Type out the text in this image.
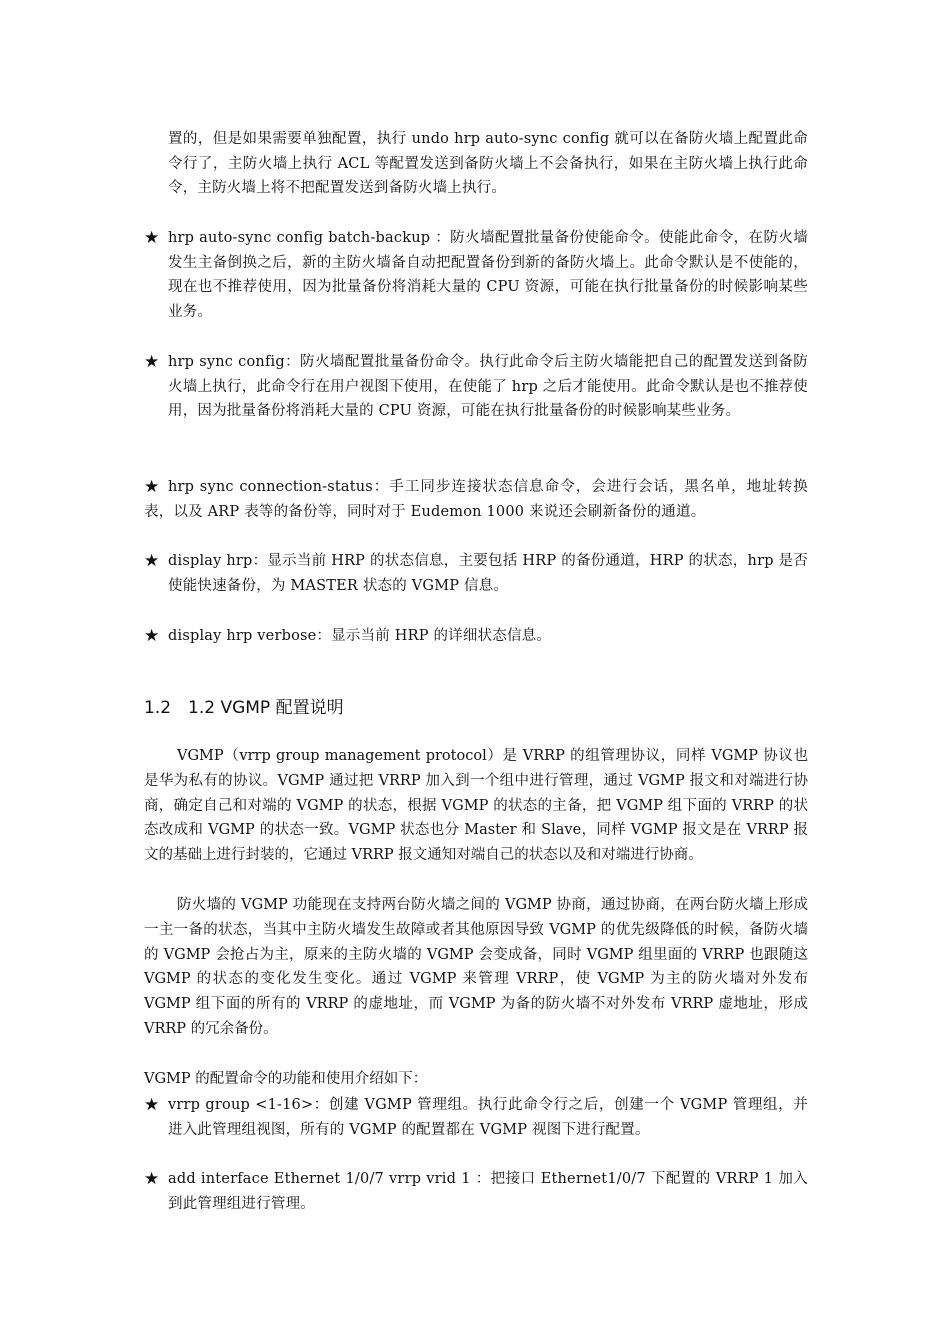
置的，但是如果需要单独配置，执行 undo hrp auto-sync config 就可以在备防火墙上配置此命令行了，主防火墙上执行 ACL 等配置发送到备防火墙上不会备执行，如果在主防火墙上执行此命令，主防火墙上将不把配置发送到备防火墙上执行。

★ hrp auto-sync config batch-backup ：防火墙配置批量备份使能命令。使能此命令，在防火墙发生主备倒换之后，新的主防火墙备自动把配置备份到新的备防火墙上。此命令默认是不使能的，现在也不推荐使用，因为批量备份将消耗大量的 CPU 资源，可能在执行批量备份的时候影响某些业务。

★ hrp sync config：防火墙配置批量备份命令。执行此命令后主防火墙能把自己的配置发送到备防火墙上执行，此命令行在用户视图下使用，在使能了 hrp 之后才能使用。此命令默认是也不推荐使用，因为批量备份将消耗大量的 CPU 资源，可能在执行批量备份的时候影响某些业务。

★ hrp sync connection-status：手工同步连接状态信息命令，会进行会话，黑名单，地址转换表，以及 ARP 表等的备份等，同时对于 Eudemon 1000 来说还会刷新备份的通道。

★ display hrp：显示当前 HRP 的状态信息，主要包括 HRP 的备份通道，HRP 的状态，hrp 是否使能快速备份，为 MASTER 状态的 VGMP 信息。

★ display hrp verbose：显示当前 HRP 的详细状态信息。

1.2 1.2 VGMP 配置说明

VGMP（vrrp group management protocol）是 VRRP 的组管理协议，同样 VGMP 协议也是华为私有的协议。VGMP 通过把 VRRP 加入到一个组中进行管理，通过 VGMP 报文和对端进行协商，确定自己和对端的 VGMP 的状态，根据 VGMP 的状态的主备，把 VGMP 组下面的 VRRP 的状态改成和 VGMP 的状态一致。VGMP 状态也分 Master 和 Slave，同样 VGMP 报文是在 VRRP 报文的基础上进行封装的，它通过 VRRP 报文通知对端自己的状态以及和对端进行协商。

防火墙的 VGMP 功能现在支持两台防火墙之间的 VGMP 协商，通过协商，在两台防火墙上形成一主一备的状态，当其中主防火墙发生故障或者其他原因导致 VGMP 的优先级降低的时候，备防火墙的 VGMP 会抢占为主，原来的主防火墙的 VGMP 会变成备，同时 VGMP 组里面的 VRRP 也跟随这 VGMP 的状态的变化发生变化。通过 VGMP 来管理 VRRP，使 VGMP 为主的防火墙对外发布 VGMP 组下面的所有的 VRRP 的虚地址，而 VGMP 为备的防火墙不对外发布 VRRP 虚地址，形成 VRRP 的冗余备份。

VGMP 的配置命令的功能和使用介绍如下：

★ vrrp group <1-16>：创建 VGMP 管理组。执行此命令行之后，创建一个 VGMP 管理组，并进入此管理组视图，所有的 VGMP 的配置都在 VGMP 视图下进行配置。

★ add interface Ethernet 1/0/7 vrrp vrid 1 ：把接口 Ethernet1/0/7 下配置的 VRRP 1 加入到此管理组进行管理。
